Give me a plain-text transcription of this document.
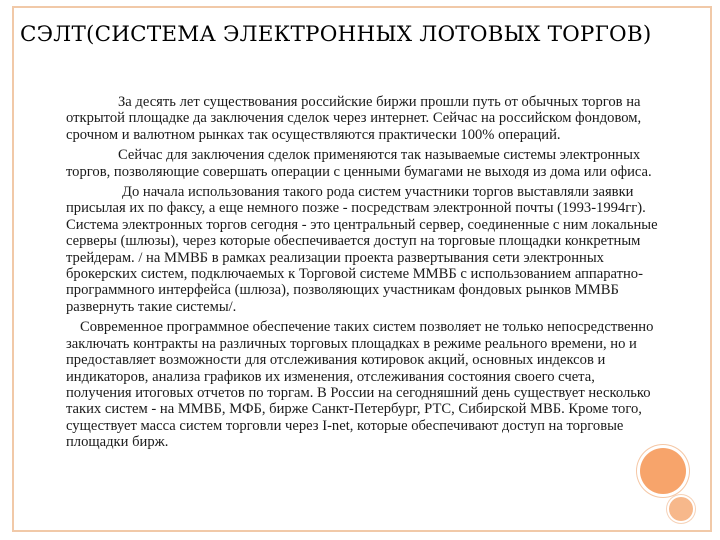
СЭЛТ(СИСТЕМА ЭЛЕКТРОННЫХ ЛОТОВЫХ ТОРГОВ)

За десять лет существования российские биржи прошли путь от обычных торгов на открытой площадке да заключения сделок через интернет. Сейчас на российском фондовом, срочном и валютном рынках так осуществляются практически 100% операций.

Сейчас для заключения сделок применяются так называемые системы электронных торгов, позволяющие совершать операции с ценными бумагами не выходя из дома или офиса.

До начала использования такого рода систем участники торгов выставляли заявки присылая их по факсу, а еще немного позже - посредствам электронной почты (1993-1994гг). Система электронных торгов сегодня - это центральный сервер, соединенные с ним локальные серверы (шлюзы), через которые обеспечивается доступ на торговые площадки конкретным трейдерам. / на ММВБ в рамках реализации проекта развертывания сети электронных брокерских систем, подключаемых к Торговой системе ММВБ с использованием аппаратно-программного интерфейса (шлюза), позволяющих участникам фондовых рынков ММВБ развернуть такие системы/.

Современное программное обеспечение таких систем позволяет не только непосредственно заключать контракты на различных торговых площадках в режиме реального времени, но и предоставляет возможности для отслеживания котировок акций, основных индексов и индикаторов, анализа графиков их изменения, отслеживания состояния своего счета, получения итоговых отчетов по торгам. В России на сегодняшний день существует несколько таких систем - на ММВБ, МФБ, бирже Санкт-Петербург, РТС, Сибирской МВБ. Кроме того, существует масса систем торговли через I-net, которые обеспечивают доступ на торговые площадки бирж.
